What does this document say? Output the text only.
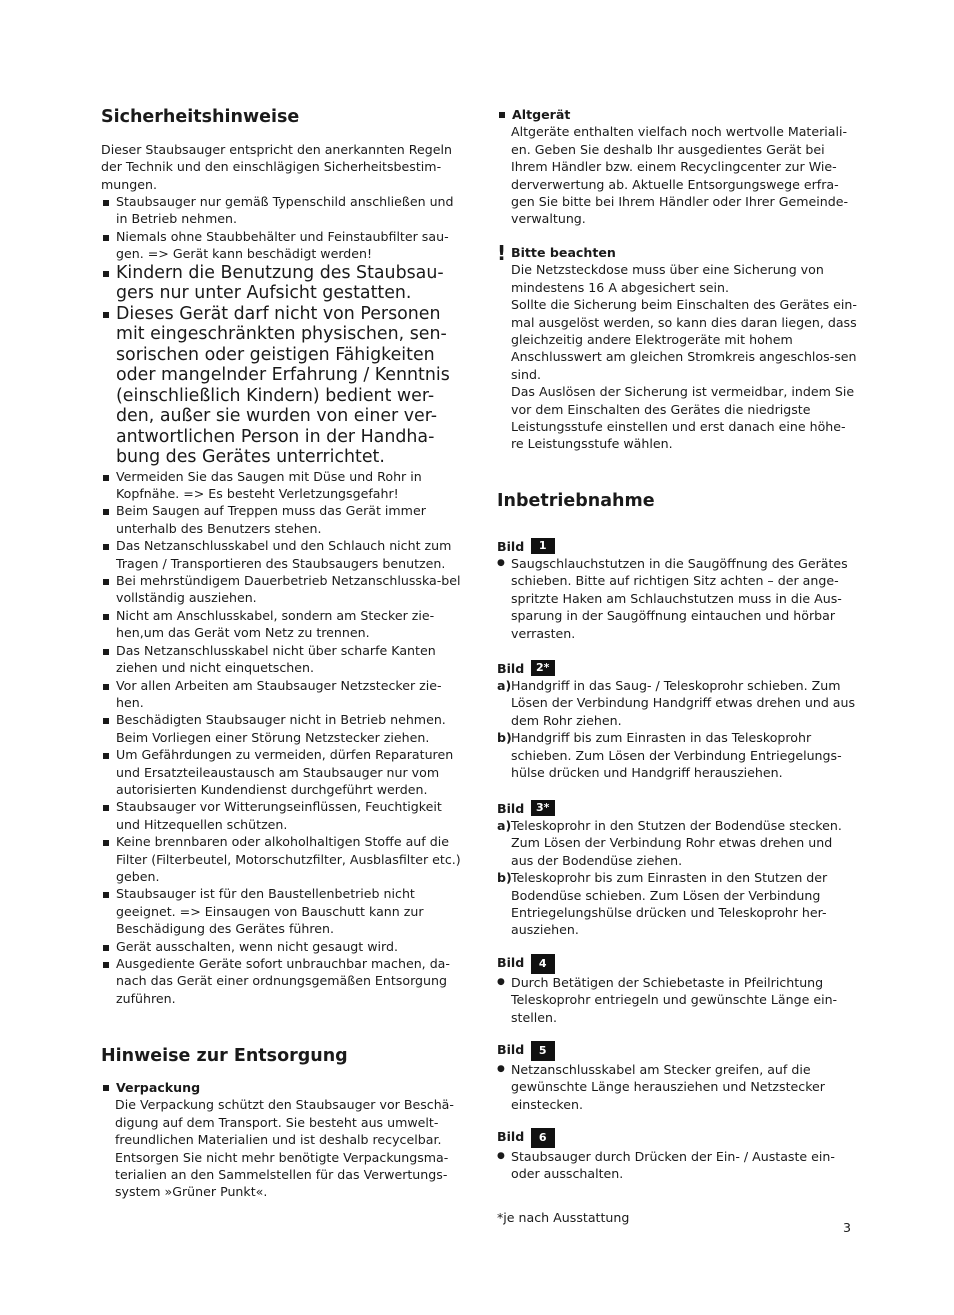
Sicherheitshinweise

Dieser Staubsauger entspricht den anerkannten Regeln der Technik und den einschlägigen Sicherheitsbestim-mungen.

Staubsauger nur gemäß Typenschild anschließen und in Betrieb nehmen.
Niemals ohne Staubbehälter und Feinstaubfilter sau-gen. => Gerät kann beschädigt werden!
Kindern die Benutzung des Staubsau-gers nur unter Aufsicht gestatten.
Dieses Gerät darf nicht von Personen mit eingeschränkten physischen, sen-sorischen oder geistigen Fähigkeiten oder mangelnder Erfahrung / Kenntnis (einschließlich Kindern) bedient wer-den, außer sie wurden von einer ver-antwortlichen Person in der Handha-bung des Gerätes unterrichtet.
Vermeiden Sie das Saugen mit Düse und Rohr in Kopfnähe. => Es besteht Verletzungsgefahr!
Beim Saugen auf Treppen muss das Gerät immer unterhalb des Benutzers stehen.
Das Netzanschlusskabel und den Schlauch nicht zum Tragen / Transportieren des Staubsaugers benutzen.
Bei mehrstündigem Dauerbetrieb Netzanschlusska-bel vollständig ausziehen.
Nicht am Anschlusskabel, sondern am Stecker zie-hen,um das Gerät vom Netz zu trennen.
Das Netzanschlusskabel nicht über scharfe Kanten ziehen und nicht einquetschen.
Vor allen Arbeiten am Staubsauger Netzstecker zie-hen.
Beschädigten Staubsauger nicht in Betrieb nehmen. Beim Vorliegen einer Störung Netzstecker ziehen.
Um Gefährdungen zu vermeiden, dürfen Reparaturen und Ersatzteileaustausch am Staubsauger nur vom autorisierten Kundendienst durchgeführt werden.
Staubsauger vor Witterungseinflüssen, Feuchtigkeit und Hitzequellen schützen.
Keine brennbaren oder alkoholhaltigen Stoffe auf die Filter (Filterbeutel, Motorschutzfilter, Ausblasfilter etc.) geben.
Staubsauger ist für den Baustellenbetrieb nicht geeignet. => Einsaugen von Bauschutt kann zur Beschädigung des Gerätes führen.
Gerät ausschalten, wenn nicht gesaugt wird.
Ausgediente Geräte sofort unbrauchbar machen, da-nach das Gerät einer ordnungsgemäßen Entsorgung zuführen.
Hinweise zur Entsorgung
Verpackung

Die Verpackung schützt den Staubsauger vor Beschä-digung auf dem Transport. Sie besteht aus umwelt-freundlichen Materialien und ist deshalb recycelbar. Entsorgen Sie nicht mehr benötigte Verpackungsma-terialien an den Sammelstellen für das Verwertungs-system »Grüner Punkt«.

Altgerät

Altgeräte enthalten vielfach noch wertvolle Materiali-en. Geben Sie deshalb Ihr ausgedientes Gerät bei Ihrem Händler bzw. einem Recyclingcenter zur Wie-derverwertung ab. Aktuelle Entsorgungswege erfra-gen Sie bitte bei Ihrem Händler oder Ihrer Gemeinde-verwaltung.

! Bitte beachten

Die Netzsteckdose muss über eine Sicherung von mindestens 16 A abgesichert sein.

Sollte die Sicherung beim Einschalten des Gerätes ein-mal ausgelöst werden, so kann dies daran liegen, dass gleichzeitig andere Elektrogeräte mit hohem Anschlusswert am gleichen Stromkreis angeschlos-sen sind.

Das Auslösen der Sicherung ist vermeidbar, indem Sie vor dem Einschalten des Gerätes die niedrigste Leistungsstufe einstellen und erst danach eine höhe-re Leistungsstufe wählen.

Inbetriebnahme
Bild 1
● Saugschlauchstutzen in die Saugöffnung des Gerätes schieben. Bitte auf richtigen Sitz achten – der ange-spritzte Haken am Schlauchstutzen muss in die Aus-sparung in der Saugöffnung eintauchen und hörbar verrasten.
Bild 2*
a) Handgriff in das Saug- / Teleskoprohr schieben. Zum Lösen der Verbindung Handgriff etwas drehen und aus dem Rohr ziehen.
b) Handgriff bis zum Einrasten in das Teleskoprohr schieben. Zum Lösen der Verbindung Entriegelungs-hülse drücken und Handgriff herausziehen.
Bild 3*
a) Teleskoprohr in den Stutzen der Bodendüse stecken. Zum Lösen der Verbindung Rohr etwas drehen und aus der Bodendüse ziehen.
b) Teleskoprohr bis zum Einrasten in den Stutzen der Bodendüse schieben. Zum Lösen der Verbindung Entriegelungshülse drücken und Teleskoprohr her-ausziehen.
Bild 4
● Durch Betätigen der Schiebetaste in Pfeilrichtung Teleskoprohr entriegeln und gewünschte Länge ein-stellen.
Bild 5
● Netzanschlusskabel am Stecker greifen, auf die gewünschte Länge herausziehen und Netzstecker einstecken.
Bild 6
● Staubsauger durch Drücken der Ein- / Austaste ein-oder ausschalten.
*je nach Ausstattung
3
